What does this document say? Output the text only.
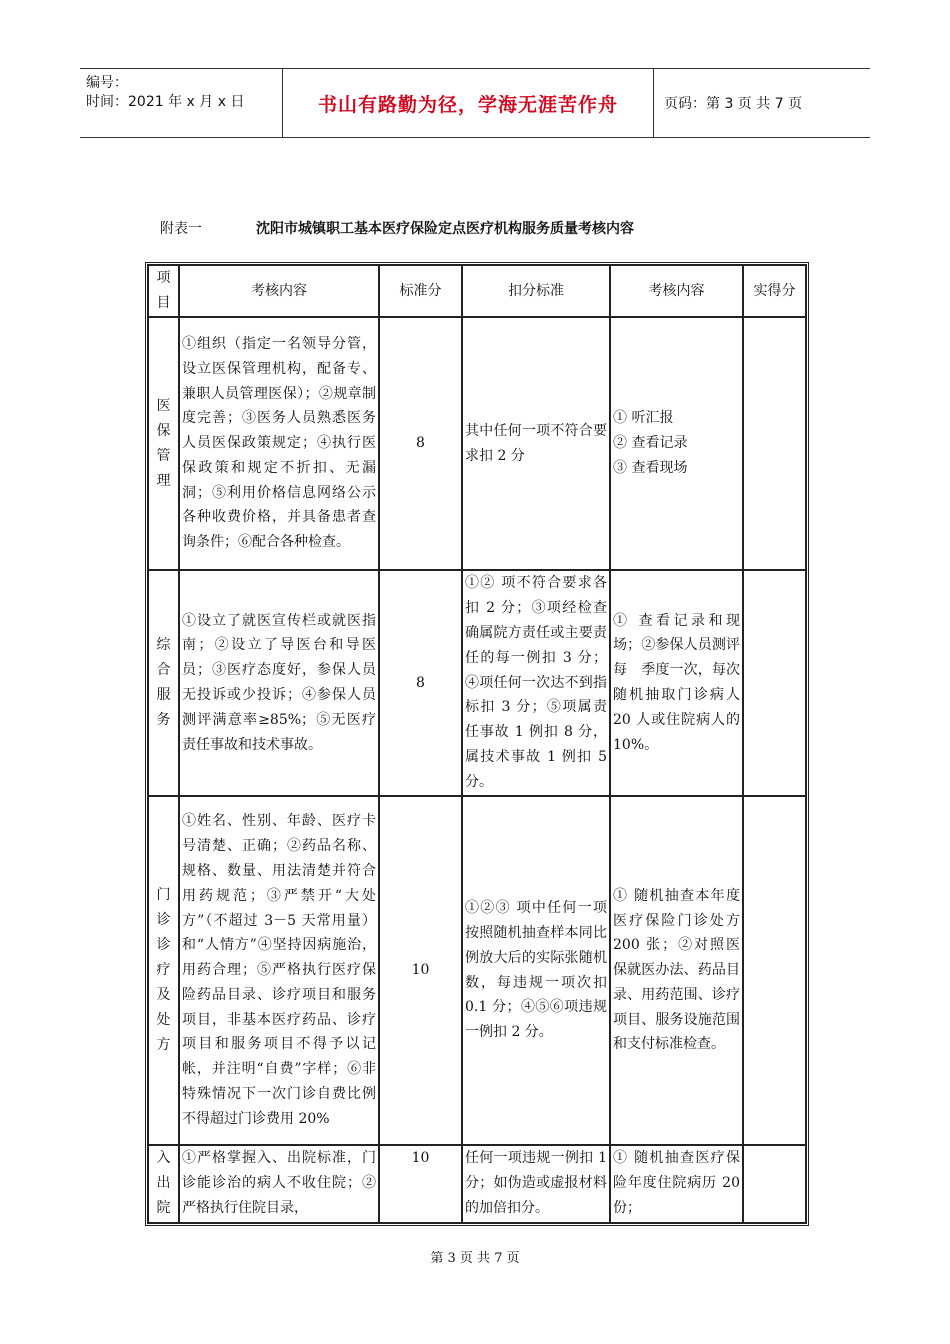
编号：
时间：2021 年 x 月 x 日	书山有路勤为径，学海无涯苦作舟	页码：第 3 页 共 7 页
附表一	沈阳市城镇职工基本医疗保险定点医疗机构服务质量考核内容
项目	考核内容	标准分	扣分标准	考核内容	实得分

医保管理	①组织（指定一名领导分管，设立医保管理机构，配备专、兼职人员管理医保）；②规章制度完善；③医务人员熟悉医务人员医保政策规定；④执行医保政策和规定不折扣、无漏洞；⑤利用价格信息网络公示各种收费价格，并具备患者查询条件；⑥配合各种检查。	8	其中任何一项不符合要求扣 2 分	① 听汇报
② 查看记录
③ 查看现场	

综合服务	①设立了就医宣传栏或就医指南；②设立了导医台和导医员；③医疗态度好，参保人员无投诉或少投诉；④参保人员测评满意率≥85%；⑤无医疗责任事故和技术事故。	8	①② 项不符合要求各扣 2 分；③项经检查确属院方责任或主要责任的每一例扣 3 分；④项任何一次达不到指标扣 3 分；⑤项属责任事故 1 例扣 8 分，属技术事故 1 例扣 5 分。	① 查看记录和现场；②参保人员测评每　季度一次，每次随机抽取门诊病人 20 人或住院病人的 10%。	

门诊诊疗及处方	①姓名、性别、年龄、医疗卡号清楚、正确；②药品名称、规格、数量、用法清楚并符合用药规范；③严禁开“大处方”（不超过 3－5 天常用量）和“人情方”④坚持因病施治，用药合理；⑤严格执行医疗保险药品目录、诊疗项目和服务项目，非基本医疗药品、诊疗项目和服务项目不得予以记帐，并注明“自费”字样；⑥非特殊情况下一次门诊自费比例不得超过门诊费用 20%	10	①②③ 项中任何一项按照随机抽查样本同比例放大后的实际张随机数，每违规一项次扣 0.1 分；④⑤⑥项违规一例扣 2 分。	① 随机抽查本年度医疗保险门诊处方 200 张；②对照医保就医办法、药品目录、用药范围、诊疗项目、服务设施范围和支付标准检查。	

入出院	①严格掌握入、出院标准，门诊能诊治的病人不收住院；②严格执行住院目录，	10	任何一项违规一例扣 1 分；如伪造或虚报材料的加倍扣分。	① 随机抽查医疗保险年度住院病历 20 份；	
第 3 页 共 7 页
